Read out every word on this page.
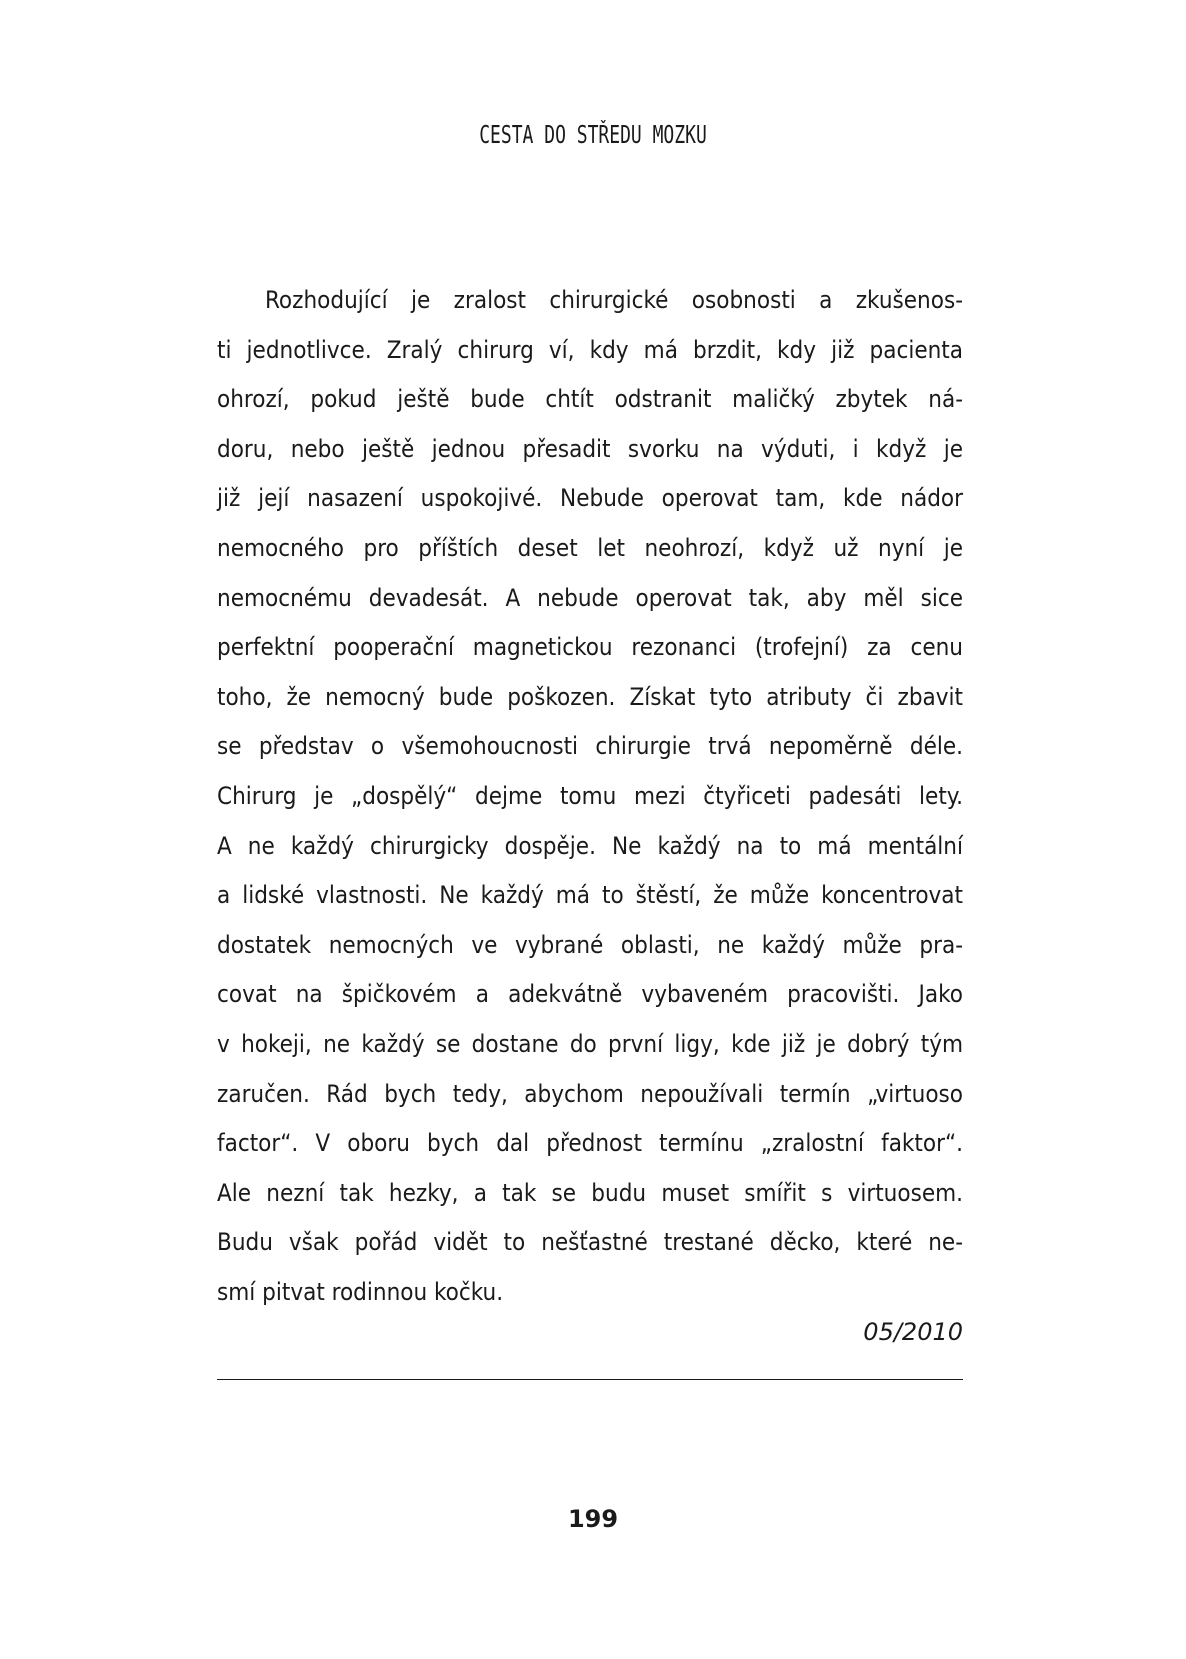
CESTA DO STŘEDU MOZKU
Rozhodující je zralost chirurgické osobnosti a zkušenos-
ti jednotlivce. Zralý chirurg ví, kdy má brzdit, kdy již pacienta
ohrozí, pokud ještě bude chtít odstranit maličký zbytek ná-
doru, nebo ještě jednou přesadit svorku na výduti, i když je
již její nasazení uspokojivé. Nebude operovat tam, kde nádor
nemocného pro příštích deset let neohrozí, když už nyní je
nemocnému devadesát. A nebude operovat tak, aby měl sice
perfektní pooperační magnetickou rezonanci (trofejní) za cenu
toho, že nemocný bude poškozen. Získat tyto atributy či zbavit
se představ o všemohoucnosti chirurgie trvá nepoměrně déle.
Chirurg je „dospělý“ dejme tomu mezi čtyřiceti padesáti lety.
A ne každý chirurgicky dospěje. Ne každý na to má mentální
a lidské vlastnosti. Ne každý má to štěstí, že může koncentrovat
dostatek nemocných ve vybrané oblasti, ne každý může pra-
covat na špičkovém a adekvátně vybaveném pracovišti. Jako
v hokeji, ne každý se dostane do první ligy, kde již je dobrý tým
zaručen. Rád bych tedy, abychom nepoužívali termín „virtuoso
factor“. V oboru bych dal přednost termínu „zralostní faktor“.
Ale nezní tak hezky, a tak se budu muset smířit s virtuosem.
Budu však pořád vidět to nešťastné trestané děcko, které ne-
smí pitvat rodinnou kočku.
05/2010
199
